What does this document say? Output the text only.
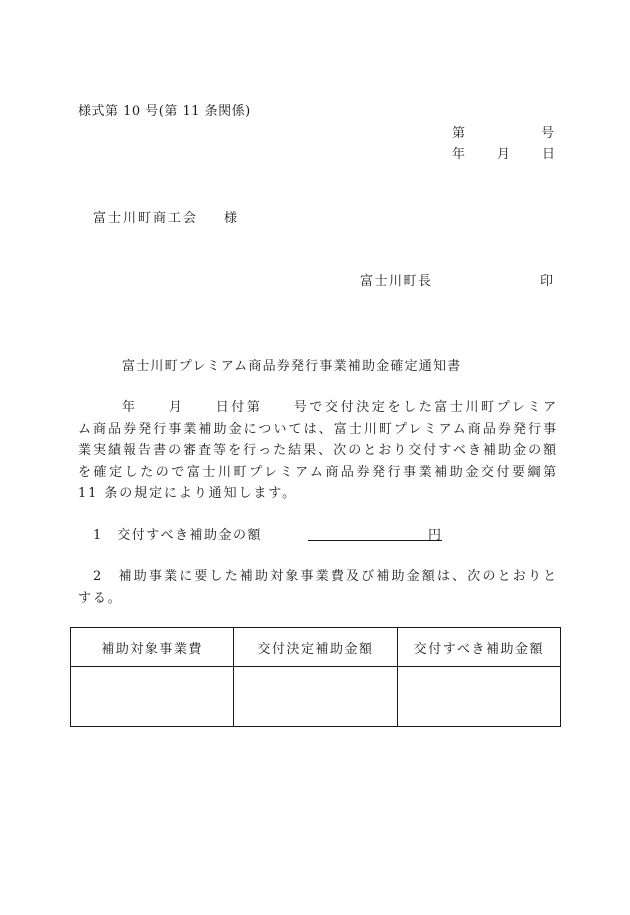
様式第 10 号(第 11 条関係)
第	号
年 月 日
富士川町商工会 様
富士川町長	印
富士川町プレミアム商品券発行事業補助金確定通知書
年　　月　　日付第　　号で交付決定をした富士川町プレミア
ム商品券発行事業補助金については、富士川町プレミアム商品券発行事
業実績報告書の審査等を行った結果、次のとおり交付すべき補助金の額
を確定したので富士川町プレミアム商品券発行事業補助金交付要綱第
11 条の規定により通知します。
1　交付すべき補助金の額	円
2　補助事業に要した補助対象事業費及び補助金額は、次のとおりと
する。
補助対象事業費	交付決定補助金額	交付すべき補助金額
